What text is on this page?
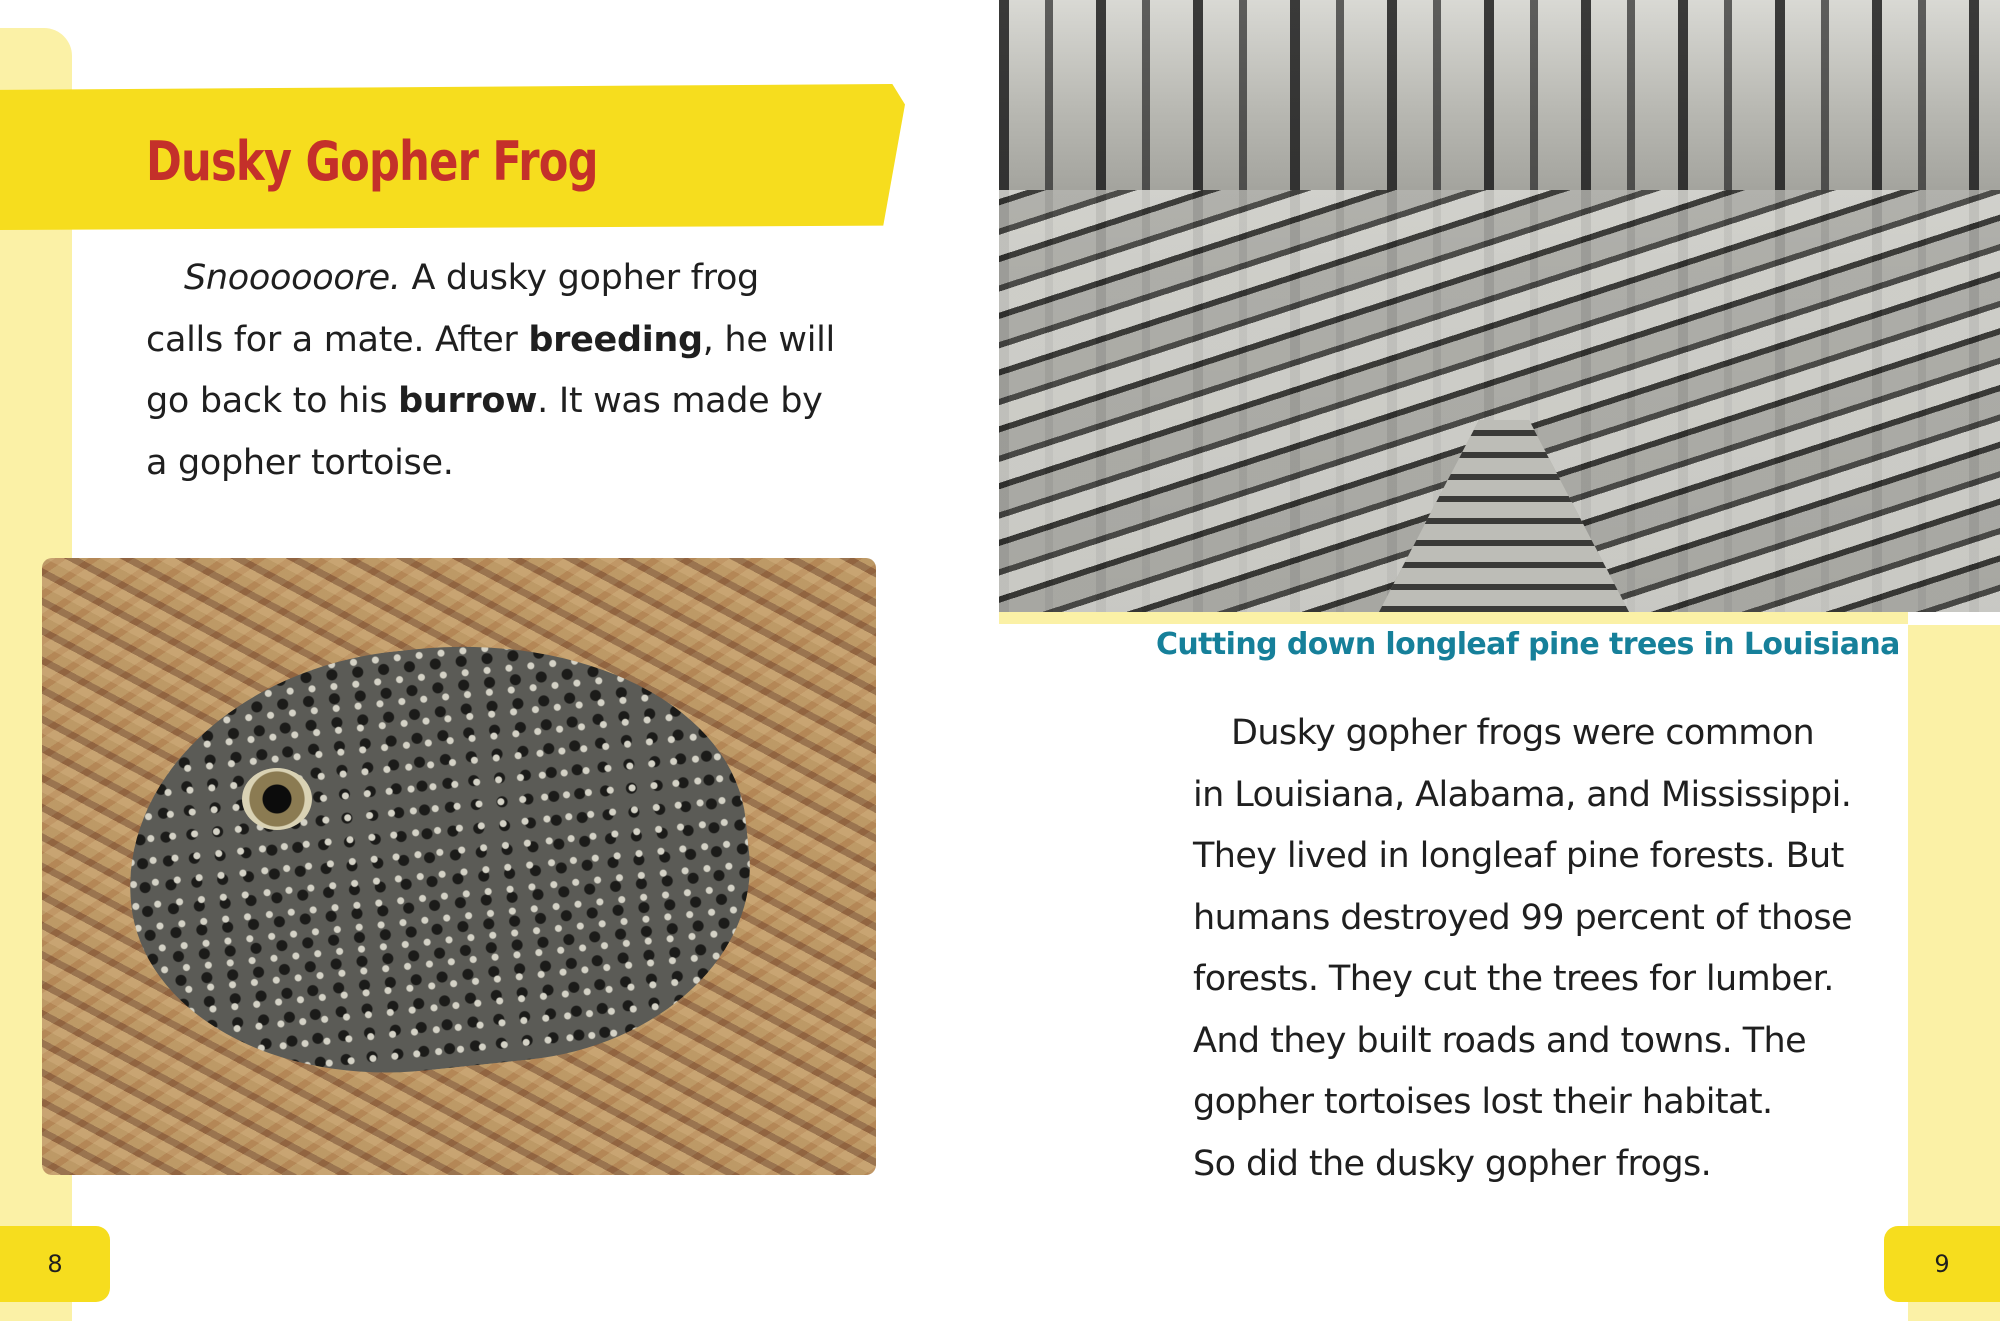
Dusky Gopher Frog

Snoooooore. A dusky gopher frog
calls for a mate. After breeding, he will
go back to his burrow. It was made by
a gopher tortoise.

Cutting down longleaf pine trees in Louisiana

Dusky gopher frogs were common
in Louisiana, Alabama, and Mississippi.
They lived in longleaf pine forests. But
humans destroyed 99 percent of those
forests. They cut the trees for lumber.
And they built roads and towns. The
gopher tortoises lost their habitat.
So did the dusky gopher frogs.

8	9
